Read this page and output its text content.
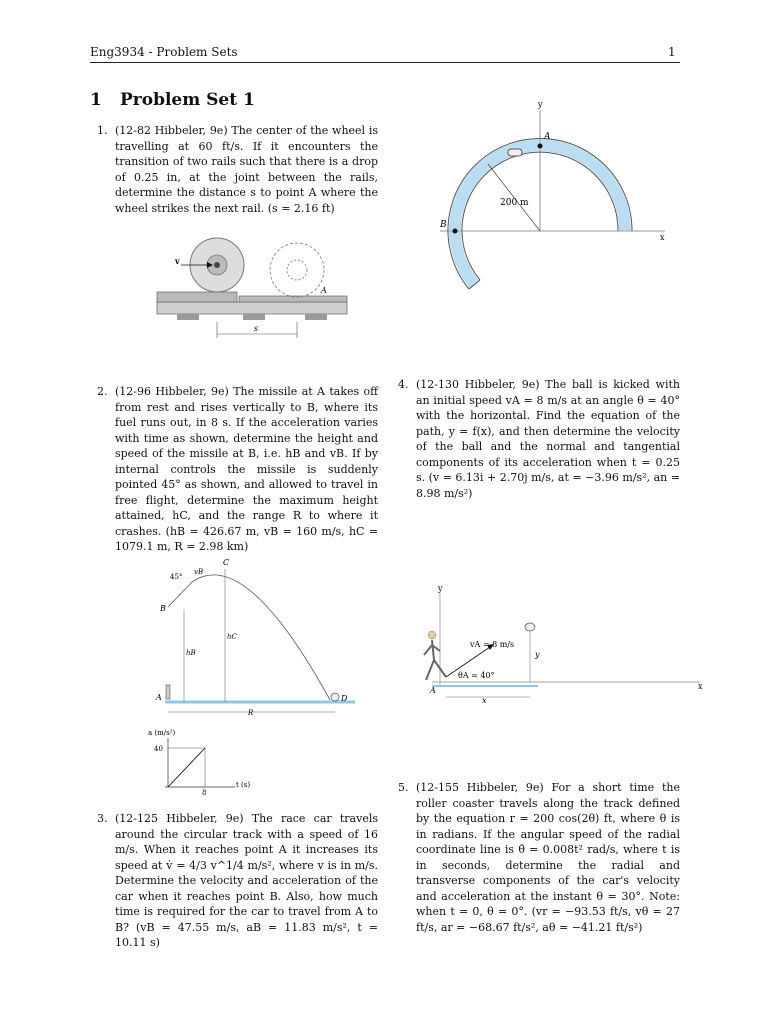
Eng3934 - Problem Sets	1
1 Problem Set 1
1. (12-82 Hibbeler, 9e) The center of the wheel is travelling at 60 ft/s. If it encounters the transition of two rails such that there is a drop of 0.25 in, at the joint between the rails, determine the distance s to point A where the wheel strikes the next rail. (s = 2.16 ft)
2. (12-96 Hibbeler, 9e) The missile at A takes off from rest and rises vertically to B, where its fuel runs out, in 8 s. If the acceleration varies with time as shown, determine the height and speed of the missile at B, i.e. hB and vB. If by internal controls the missile is suddenly pointed 45° as shown, and allowed to travel in free flight, determine the maximum height attained, hC, and the range R to where it crashes. (hB = 426.67 m, vB = 160 m/s, hC = 1079.1 m, R = 2.98 km)
3. (12-125 Hibbeler, 9e) The race car travels around the circular track with a speed of 16 m/s. When it reaches point A it increases its speed at v̇ = 4/3 v^1/4 m/s², where v is in m/s. Determine the velocity and acceleration of the car when it reaches point B. Also, how much time is required for the car to travel from A to B? (vB = 47.55 m/s, aB = 11.83 m/s², t = 10.11 s)
4. (12-130 Hibbeler, 9e) The ball is kicked with an initial speed vA = 8 m/s at an angle θ = 40° with the horizontal. Find the equation of the path, y = f(x), and then determine the velocity of the ball and the normal and tangential components of its acceleration when t = 0.25 s. (v = 6.13i + 2.70j m/s, at = −3.96 m/s², an = 8.98 m/s²)
5. (12-155 Hibbeler, 9e) For a short time the roller coaster travels along the track defined by the equation r = 200 cos(2θ) ft, where θ is in radians. If the angular speed of the radial coordinate line is θ̇ = 0.008t² rad/s, where t is in seconds, determine the radial and transverse components of the car's velocity and acceleration at the instant θ = 30°. Note: when t = 0, θ = 0°. (vr = −93.53 ft/s, vθ = 27 ft/s, ar = −68.67 ft/s², aθ = −41.21 ft/s²)
y
x
200 m
A
B
v
A
s
A
B
C
vB
45°
hB
hC
D
R
a (m/s²)
t (s)
40
8
y
x
vA = 8 m/s
θA = 40°
A
y
x
